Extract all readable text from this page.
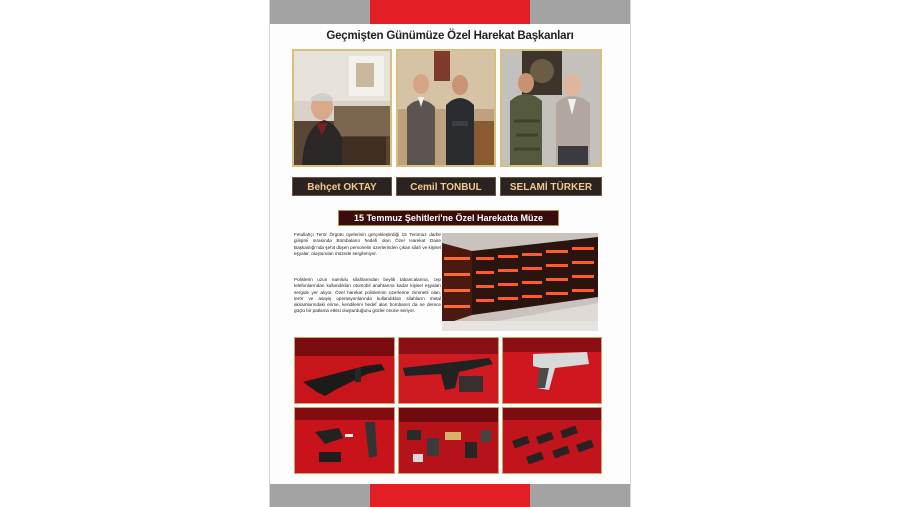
Geçmişten Günümüze Özel Harekat Başkanları
Behçet OKTAY	Cemil TONBUL	SELAMİ TÜRKER
15 Temmuz Şehitleri'ne Özel Harekatta Müze

Fetullahçı Terör Örgütü üyelerinin gerçekleştirdiği 15 Temmuz darbe girişimi sırasında Bombaların hedefi olan Özel Harekat Daire Başkanlığı'nda şehit düşen personelin üzerlerinden çıkan silah ve kişisel eşyalar, oluşturulan müzede sergileniyor.

Polislerin uzun namlulu silahlarından beylik tabancalarına, cep telefonlarından kullandıkları otomobil anahtarına kadar kişisel eşyaları sergide yer alıyor. Özel harekat polislerinin üzerlerine zimmetli olan, terör ve asayiş operasyonlarında kullandıkları silahların metal aksamlarındaki erime, kendilerini hedef alan bombanın da ne derece güçlü bir patlama etkisi oluşturduğunu gözler önüne seriyor.
